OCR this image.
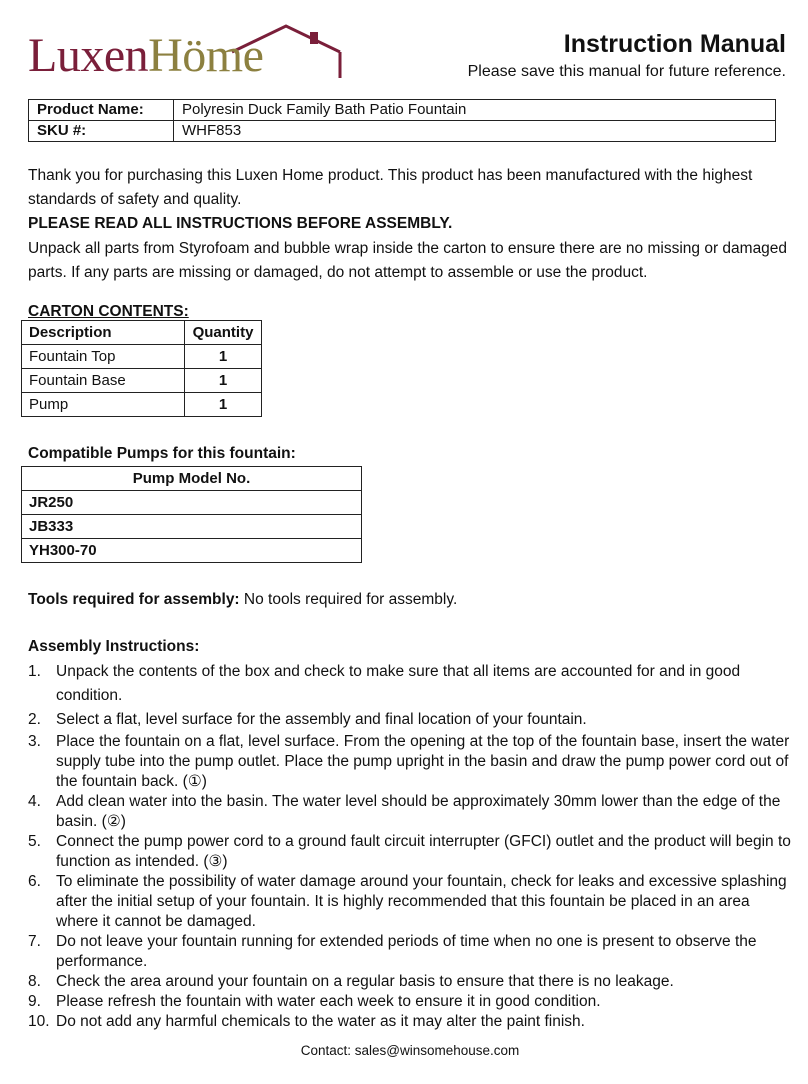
LuxenHöme	Instruction Manual
Please save this manual for future reference.
Product Name:	Polyresin Duck Family Bath Patio Fountain
SKU #:	WHF853
Thank you for purchasing this Luxen Home product. This product has been manufactured with the highest standards of safety and quality.
PLEASE READ ALL INSTRUCTIONS BEFORE ASSEMBLY.
Unpack all parts from Styrofoam and bubble wrap inside the carton to ensure there are no missing or damaged parts. If any parts are missing or damaged, do not attempt to assemble or use the product.
CARTON CONTENTS:
Description	Quantity
Fountain Top	1
Fountain Base	1
Pump	1
Compatible Pumps for this fountain:
Pump Model No.
JR250
JB333
YH300-70
Tools required for assembly: No tools required for assembly.
Assembly Instructions:
1. Unpack the contents of the box and check to make sure that all items are accounted for and in good condition.
2. Select a flat, level surface for the assembly and final location of your fountain.
3. Place the fountain on a flat, level surface. From the opening at the top of the fountain base, insert the water supply tube into the pump outlet. Place the pump upright in the basin and draw the pump power cord out of the fountain back. (①)
4. Add clean water into the basin. The water level should be approximately 30mm lower than the edge of the basin. (②)
5. Connect the pump power cord to a ground fault circuit interrupter (GFCI) outlet and the product will begin to function as intended. (③)
6. To eliminate the possibility of water damage around your fountain, check for leaks and excessive splashing after the initial setup of your fountain. It is highly recommended that this fountain be placed in an area where it cannot be damaged.
7. Do not leave your fountain running for extended periods of time when no one is present to observe the performance.
8. Check the area around your fountain on a regular basis to ensure that there is no leakage.
9. Please refresh the fountain with water each week to ensure it in good condition.
10. Do not add any harmful chemicals to the water as it may alter the paint finish.
Contact: sales@winsomehouse.com
